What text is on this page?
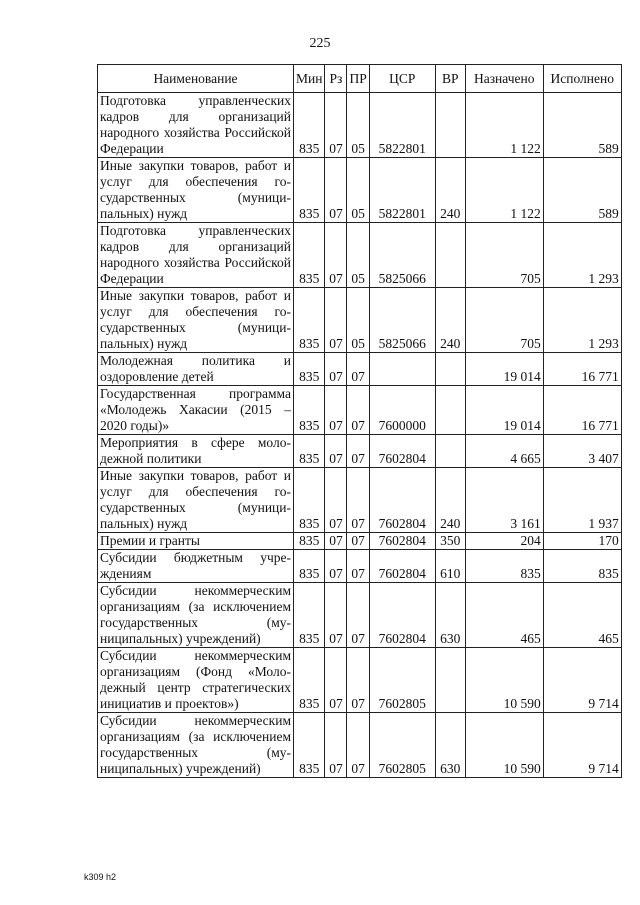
225
Наименование	Мин	Рз	ПР	ЦСР	ВР	Назначено	Исполнено
Подготовка управленческих кадров для организаций народного хозяйства Российской Федерации	835	07	05	5822801		1 122	589
Иные закупки товаров, работ и услуг для обеспечения государственных (муниципальных) нужд	835	07	05	5822801	240	1 122	589
Подготовка управленческих кадров для организаций народного хозяйства Российской Федерации	835	07	05	5825066		705	1 293
Иные закупки товаров, работ и услуг для обеспечения государственных (муниципальных) нужд	835	07	05	5825066	240	705	1 293
Молодежная политика и оздоровление детей	835	07	07			19 014	16 771
Государственная программа «Молодежь Хакасии (2015 – 2020 годы)»	835	07	07	7600000		19 014	16 771
Мероприятия в сфере молодежной политики	835	07	07	7602804		4 665	3 407
Иные закупки товаров, работ и услуг для обеспечения государственных (муниципальных) нужд	835	07	07	7602804	240	3 161	1 937
Премии и гранты	835	07	07	7602804	350	204	170
Субсидии бюджетным учреждениям	835	07	07	7602804	610	835	835
Субсидии некоммерческим организациям (за исключением государственных (муниципальных) учреждений)	835	07	07	7602804	630	465	465
Субсидии некоммерческим организациям (Фонд «Молодежный центр стратегических инициатив и проектов»)	835	07	07	7602805		10 590	9 714
Субсидии некоммерческим организациям (за исключением государственных (муниципальных) учреждений)	835	07	07	7602805	630	10 590	9 714
k309 h2
